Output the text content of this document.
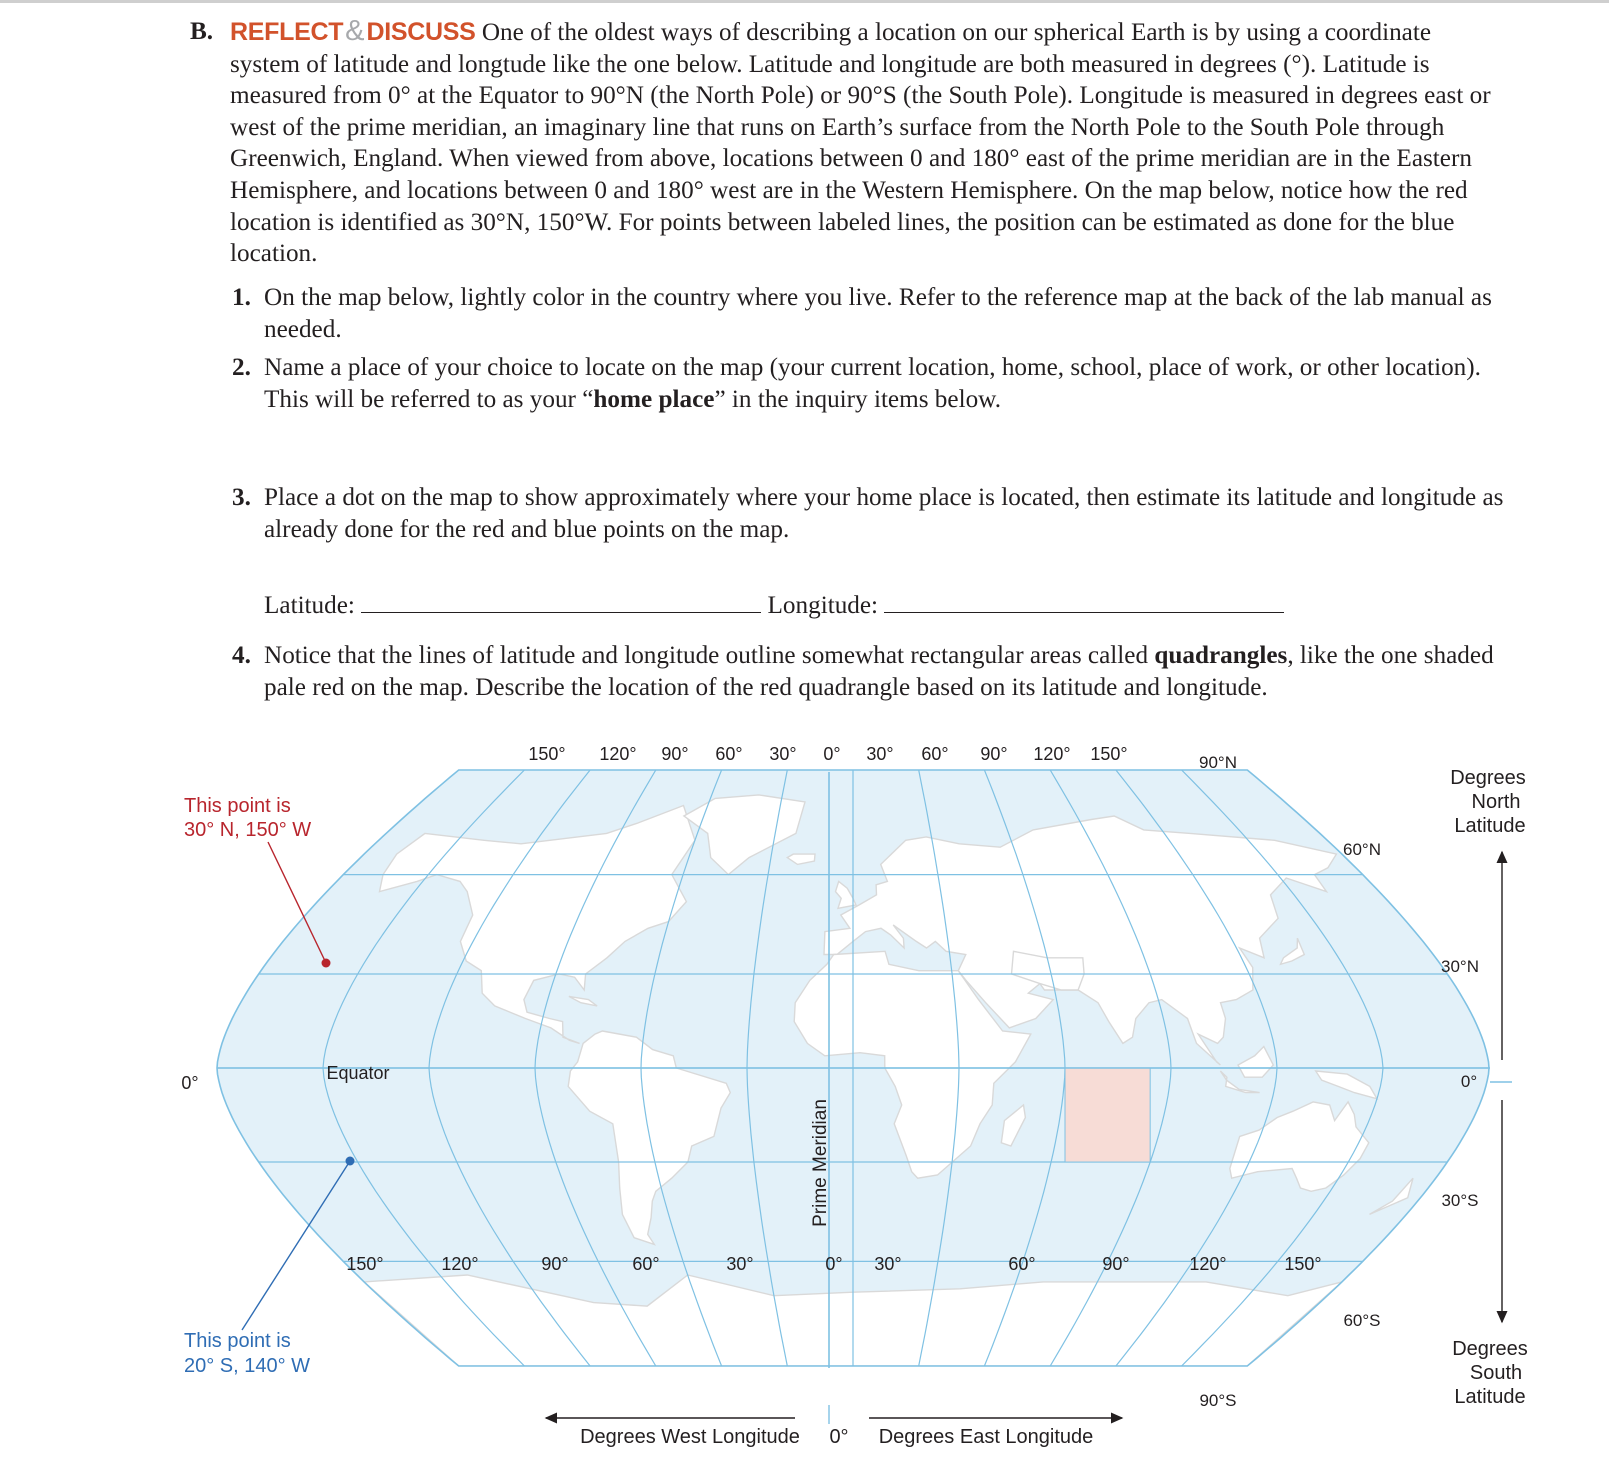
B. REFLECT&DISCUSS One of the oldest ways of describing a location on our spherical Earth is by using a coordinate system of latitude and longtude like the one below. Latitude and longitude are both measured in degrees (°). Latitude is measured from 0° at the Equator to 90°N (the North Pole) or 90°S (the South Pole). Longitude is measured in degrees east or west of the prime meridian, an imaginary line that runs on Earth’s surface from the North Pole to the South Pole through Greenwich, England. When viewed from above, locations between 0 and 180° east of the prime meridian are in the Eastern Hemisphere, and locations between 0 and 180° west are in the Western Hemisphere. On the map below, notice how the red location is identified as 30°N, 150°W. For points between labeled lines, the position can be estimated as done for the blue location.
1. On the map below, lightly color in the country where you live. Refer to the reference map at the back of the lab manual as needed.
2. Name a place of your choice to locate on the map (your current location, home, school, place of work, or other location). This will be referred to as your “home place” in the inquiry items below.
3. Place a dot on the map to show approximately where your home place is located, then estimate its latitude and longitude as already done for the red and blue points on the map.
Latitude:	Longitude:
4. Notice that the lines of latitude and longitude outline somewhat rectangular areas called quadrangles, like the one shaded pale red on the map. Describe the location of the red quadrangle based on its latitude and longitude.
150° 120° 90° 60° 30° 0° 30° 60° 90° 120° 150°
150°	120°	90°	60°	30°	0° 30°	60°	90°	120°	150°
90°N
60°N
30°N
0°
30°S
60°S
90°S
0°	Equator
Prime Meridian
This point is
30° N, 150° W
This point is
20° S, 140° W
Degrees
North
Latitude
Degrees
South
Latitude
Degrees West Longitude 0° Degrees East Longitude
